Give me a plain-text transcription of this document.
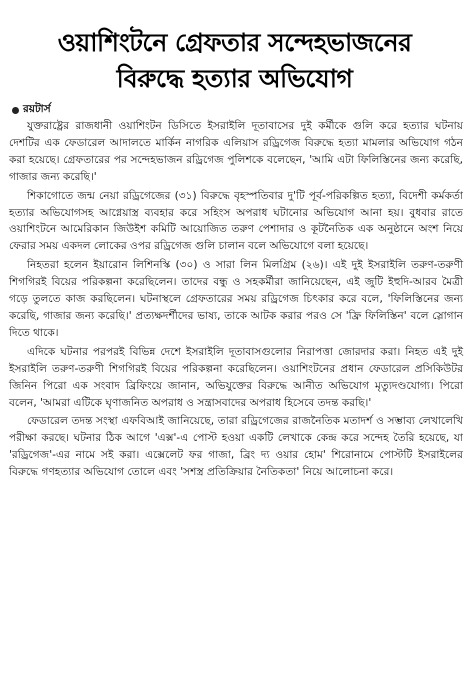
ওয়াশিংটনে গ্রেফতার সন্দেহভাজনের
বিরুদ্ধে হত্যার অভিযোগ
রয়টার্স

যুক্তরাষ্ট্রের রাজধানী ওয়াশিংটন ডিসিতে ইসরাইলি দূতাবাসের দুই কর্মীকে গুলি করে হত্যার ঘটনায় দেশটির এক ফেডারেল আদালতে মার্কিন নাগরিক এলিয়াস রড্রিগেজ বিরুদ্ধে হত্যা মামলার অভিযোগ গঠন করা হয়েছে। গ্রেফতারের পর সন্দেহভাজন রড্রিগেজ পুলিশকে বলেছেন, 'আমি এটা ফিলিস্তিনের জন্য করেছি, গাজার জন্য করেছি।'

শিকাগোতে জন্ম নেয়া রড্রিগেজের (৩১) বিরুদ্ধে বৃহস্পতিবার দু'টি পূর্ব-পরিকল্পিত হত্যা, বিদেশী কর্মকর্তা হত্যার অভিযোগসহ আগ্নেয়াস্ত্র ব্যবহার করে সহিংস অপরাধ ঘটানোর অভিযোগ আনা হয়। বুধবার রাতে ওয়াশিংটনে আমেরিকান জিউইশ কমিটি আয়োজিত তরুণ পেশাদার ও কূটনৈতিক এক অনুষ্ঠানে অংশ নিয়ে ফেরার সময় একদল লোকের ওপর রড্রিগেজ গুলি চালান বলে অভিযোগে বলা হয়েছে।

নিহতরা হলেন ইয়ারোন লিশিনস্কি (৩০) ও সারা লিন মিলগ্রিম (২৬)। এই দুই ইসরাইলি তরুণ-তরুণী শিগগিরই বিয়ের পরিকল্পনা করেছিলেন। তাদের বন্ধু ও সহকর্মীরা জানিয়েছেন, এই জুটি ইহুদি-আরব মৈত্রী গড়ে তুলতে কাজ করছিলেন। ঘটনাস্থলে গ্রেফতারের সময় রড্রিগেজ চিৎকার করে বলে, 'ফিলিস্তিনের জন্য করেছি, গাজার জন্য করেছি।' প্রত্যক্ষদর্শীদের ভাষ্য, তাকে আটক করার পরও সে 'ফ্রি ফিলিস্তিন' বলে স্লোগান দিতে থাকে।

এদিকে ঘটনার পরপরই বিভিন্ন দেশে ইসরাইলি দূতাবাসগুলোর নিরাপত্তা জোরদার করা। নিহত এই দুই ইসরাইলি তরুণ-তরুণী শিগগিরই বিয়ের পরিকল্পনা করেছিলেন। ওয়াশিংটনের প্রধান ফেডারেল প্রসিকিউটর জিনিন পিরো এক সংবাদ ব্রিফিংয়ে জানান, অভিযুক্তের বিরুদ্ধে আনীত অভিযোগ মৃত্যুদণ্ডযোগ্য। পিরো বলেন, 'আমরা এটিকে ঘৃণাজনিত অপরাধ ও সন্ত্রাসবাদের অপরাধ হিসেবে তদন্ত করছি।'

ফেডারেল তদন্ত সংস্থা এফবিআই জানিয়েছে, তারা রড্রিগেজের রাজনৈতিক মতাদর্শ ও সম্ভাব্য লেখালেখি পরীক্ষা করছে। ঘটনার ঠিক আগে 'এক্স'-এ পোস্ট হওয়া একটি লেখাকে কেন্দ্র করে সন্দেহ তৈরি হয়েছে, যা 'রড্রিগেজ'-এর নামে সই করা। এক্সেলেট ফর গাজা, ব্রিং দ্য ওয়ার হোম' শিরোনামে পোস্টটি ইসরাইলের বিরুদ্ধে গণহত্যার অভিযোগ তোলে এবং 'সশস্ত্র প্রতিক্রিয়ার নৈতিকতা' নিয়ে আলোচনা করে।
